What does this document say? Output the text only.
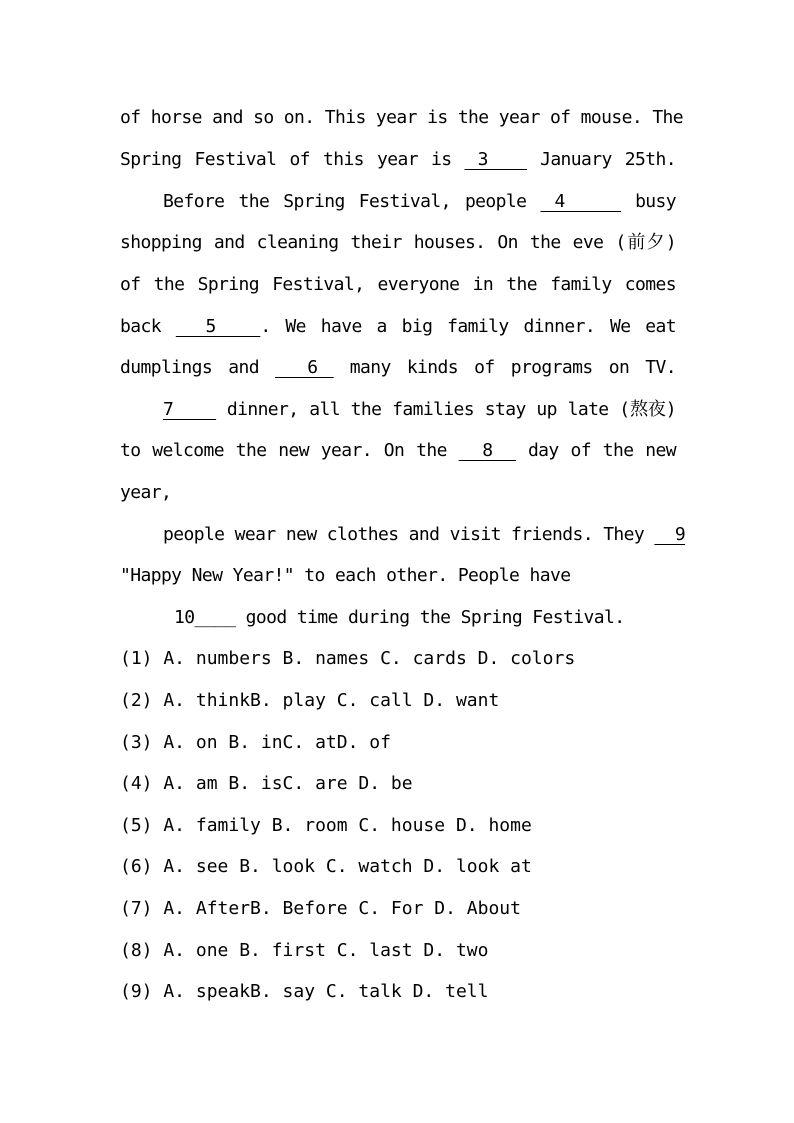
of horse and so on. This year is the year of mouse. The
Spring Festival of this year is  3    January 25th.
Before the Spring Festival, people  4     busy
shopping and cleaning their houses. On the eve (前夕)
of the Spring Festival, everyone in the family comes
back   5   . We have a big family dinner. We eat
dumplings and   6  many kinds of programs on TV.
7     dinner, all the families stay up late (熬夜)
to welcome the new year. On the   8   day of the new
year,
people wear new clothes and visit friends. They   9
"Happy New Year!" to each other. People have
10____ good time during the Spring Festival.
(1) A. numbers B. names C. cards D. colors
(2) A. thinkB. play C. call D. want
(3) A. on B. inC. atD. of
(4) A. am B. isC. are D. be
(5) A. family B. room C. house D. home
(6) A. see B. look C. watch D. look at
(7) A. AfterB. Before C. For D. About
(8) A. one B. first C. last D. two
(9) A. speakB. say C. talk D. tell
